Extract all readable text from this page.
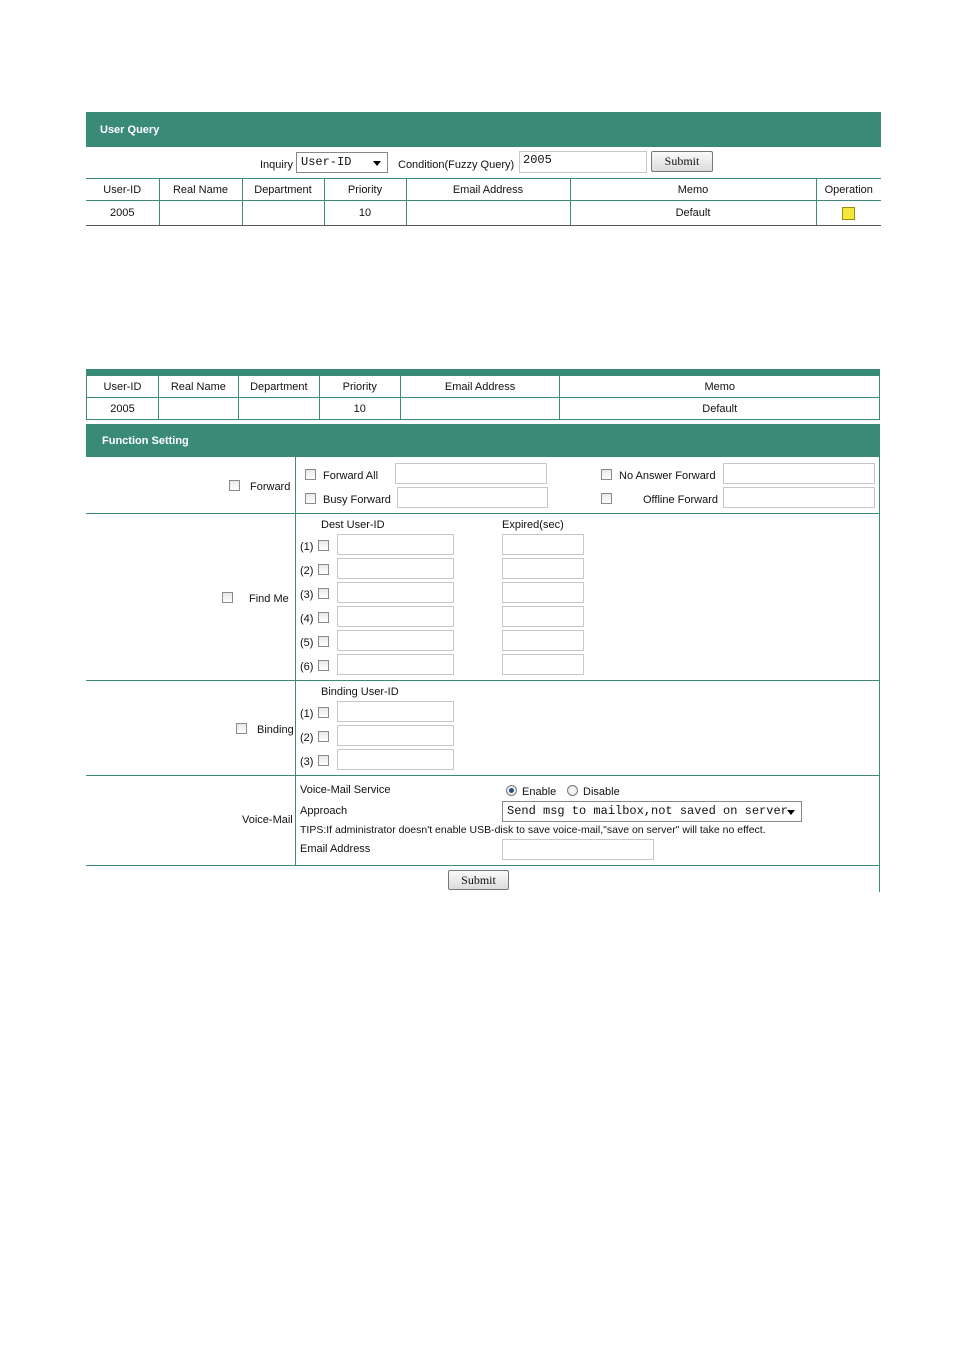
User Query
Inquiry User-ID	Condition(Fuzzy Query) 2005	Submit
User-ID	Real Name	Department	Priority	Email Address	Memo	Operation
2005			10		Default	
User-ID	Real Name	Department	Priority	Email Address	Memo
2005			10		Default
Function Setting
Forward
Forward All
Busy Forward
No Answer Forward
Offline Forward
Find Me
Dest User-ID	Expired(sec)
(1)
(2)
(3)
(4)
(5)
(6)
Binding
Binding User-ID
(1)
(2)
(3)
Voice-Mail
Voice-Mail Service	Enable Disable
Approach	Send msg to mailbox,not saved on server
TIPS:If administrator doesn't enable USB-disk to save voice-mail,"save on server" will take no effect.
Email Address
Submit
